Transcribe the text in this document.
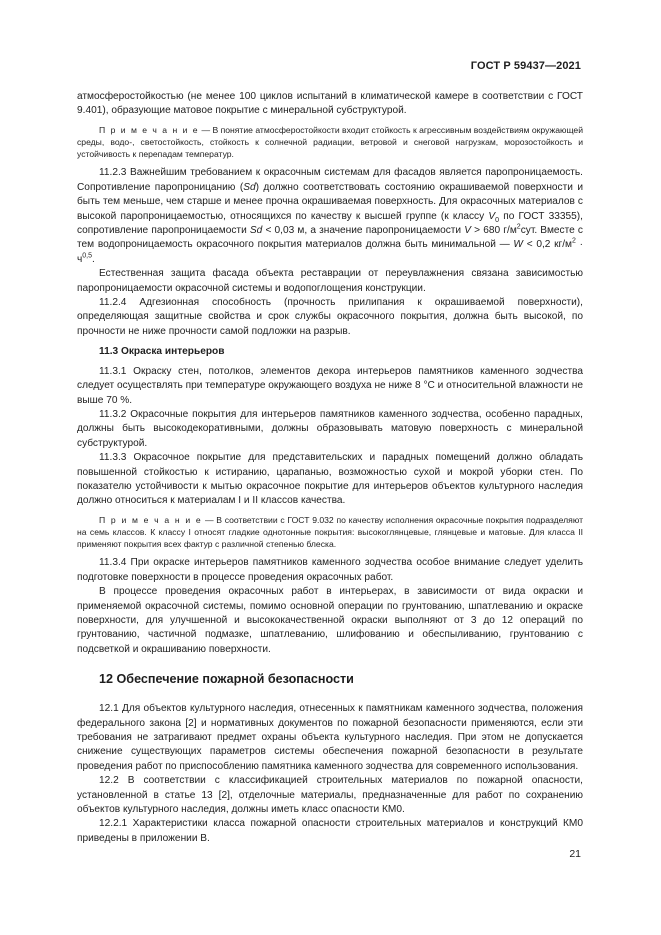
ГОСТ Р 59437—2021

атмосферостойкостью (не менее 100 циклов испытаний в климатической камере в соответствии с ГОСТ 9.401), образующие матовое покрытие с минеральной субструктурой.

П р и м е ч а н и е — В понятие атмосферостойкости входит стойкость к агрессивным воздействиям окружающей среды, водо-, светостойкость, стойкость к солнечной радиации, ветровой и снеговой нагрузкам, морозостойкость и устойчивость к перепадам температур.

11.2.3 Важнейшим требованием к окрасочным системам для фасадов является паропроницаемость. Сопротивление паропроницанию (Sd) должно соответствовать состоянию окрашиваемой поверхности и быть тем меньше, чем старше и менее прочна окрашиваемая поверхность. Для окрасочных материалов с высокой паропроницаемостью, относящихся по качеству к высшей группе (к классу $V_0$ по ГОСТ 33355), сопротивление паропроницаемости Sd < 0,03 м, а значение паропроницаемости V > 680 $г/м^2сут$. Вместе с тем водопроницаемость окрасочного покрытия материалов должна быть минимальной — W < 0,2 $кг/м^2 \cdot ч^{0,5}$.

Естественная защита фасада объекта реставрации от переувлажнения связана зависимостью паропроницаемости окрасочной системы и водопоглощения конструкции.

11.2.4 Адгезионная способность (прочность прилипания к окрашиваемой поверхности), определяющая защитные свойства и срок службы окрасочного покрытия, должна быть высокой, по прочности не ниже прочности самой подложки на разрыв.

11.3 Окраска интерьеров

11.3.1 Окраску стен, потолков, элементов декора интерьеров памятников каменного зодчества следует осуществлять при температуре окружающего воздуха не ниже 8 °С и относительной влажности не выше 70 %.

11.3.2 Окрасочные покрытия для интерьеров памятников каменного зодчества, особенно парадных, должны быть высокодекоративными, должны образовывать матовую поверхность с минеральной субструктурой.

11.3.3 Окрасочное покрытие для представительских и парадных помещений должно обладать повышенной стойкостью к истиранию, царапанью, возможностью сухой и мокрой уборки стен. По показателю устойчивости к мытью окрасочное покрытие для интерьеров объектов культурного наследия должно относиться к материалам I и II классов качества.

П р и м е ч а н и е — В соответствии с ГОСТ 9.032 по качеству исполнения окрасочные покрытия подразделяют на семь классов. К классу I относят гладкие однотонные покрытия: высокоглянцевые, глянцевые и матовые. Для класса II применяют покрытия всех фактур с различной степенью блеска.

11.3.4 При окраске интерьеров памятников каменного зодчества особое внимание следует уделить подготовке поверхности в процессе проведения окрасочных работ.

В процессе проведения окрасочных работ в интерьерах, в зависимости от вида окраски и применяемой окрасочной системы, помимо основной операции по грунтованию, шпатлеванию и окраске поверхности, для улучшенной и высококачественной окраски выполняют от 3 до 12 операций по грунтованию, частичной подмазке, шпатлеванию, шлифованию и обеспыливанию, грунтованию с подсветкой и окрашиванию поверхности.

12 Обеспечение пожарной безопасности

12.1 Для объектов культурного наследия, отнесенных к памятникам каменного зодчества, положения федерального закона [2] и нормативных документов по пожарной безопасности применяются, если эти требования не затрагивают предмет охраны объекта культурного наследия. При этом не допускается снижение существующих параметров системы обеспечения пожарной безопасности в результате проведения работ по приспособлению памятника каменного зодчества для современного использования.

12.2 В соответствии с классификацией строительных материалов по пожарной опасности, установленной в статье 13 [2], отделочные материалы, предназначенные для работ по сохранению объектов культурного наследия, должны иметь класс опасности КМ0.

12.2.1 Характеристики класса пожарной опасности строительных материалов и конструкций КМ0 приведены в приложении В.

21
